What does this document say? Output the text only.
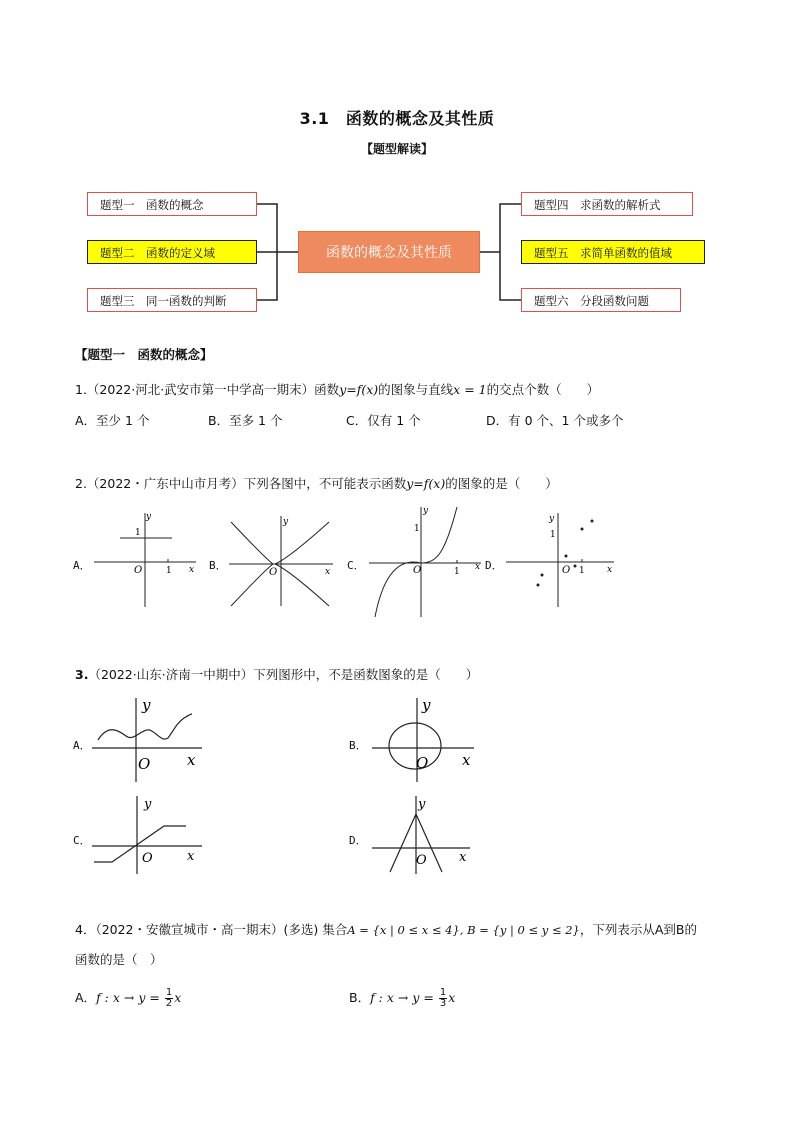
3.1　函数的概念及其性质
【题型解读】
题型一　函数的概念
题型二　函数的定义域
题型三　同一函数的判断
函数的概念及其性质
题型四　求函数的解析式
题型五　求简单函数的值域
题型六　分段函数问题
【题型一　函数的概念】
1.（2022·河北·武安市第一中学高一期末）函数y=f(x)的图象与直线x = 1的交点个数（　　）
A．至少 1 个	B．至多 1 个	C．仅有 1 个	D．有 0 个、1 个或多个
2.（2022・广东中山市月考）下列各图中，不可能表示函数y=f(x)的图象的是（　　）
A．	B．	C．	D．
y
x
O
1
1
y
x
O
y
x
O
1
1
y
x
O
1
1
3.（2022·山东·济南一中期中）下列图形中，不是函数图象的是（　　）
A．	B．
C．	D．
y
x
O
y
x
O
y
x
O
y
x
O
4．（2022・安徽宣城市・高一期末）(多选) 集合A = {x | 0 ≤ x ≤ 4}, B = {y | 0 ≤ y ≤ 2}，下列表示从A到B的
函数的是（　）
A．f : $x \to y = \frac{1}{2}$ x	B．f : $x \to y = \frac{1}{3}$ x
